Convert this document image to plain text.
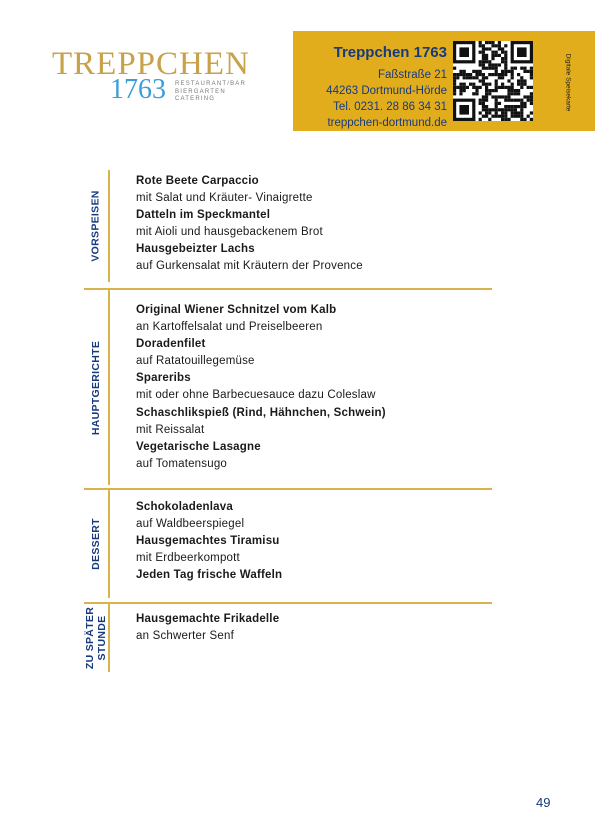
TREPPCHEN
1763 RESTAURANT/BAR
BIERGARTEN
CATERING
Treppchen 1763
Faßstraße 21
44263 Dortmund-Hörde
Tel. 0231. 28 86 34 31
treppchen-dortmund.de
Digitale Speisekarte
VORSPEISEN
Rote Beete Carpaccio
mit Salat und Kräuter- Vinaigrette
Datteln im Speckmantel
mit Aioli und hausgebackenem Brot
Hausgebeizter Lachs
auf Gurkensalat mit Kräutern der Provence
HAUPTGERICHTE
Original Wiener Schnitzel vom Kalb
an Kartoffelsalat und Preiselbeeren
Doradenfilet
auf Ratatouillegemüse
Spareribs
mit oder ohne Barbecuesauce dazu Coleslaw
Schaschlikspieß (Rind, Hähnchen, Schwein)
mit Reissalat
Vegetarische Lasagne
auf Tomatensugo
DESSERT
Schokoladenlava
auf Waldbeerspiegel
Hausgemachtes Tiramisu
mit Erdbeerkompott
Jeden Tag frische Waffeln
ZU SPÄTER STUNDE Hausgemachte Frikadelle
an Schwerter Senf
49
